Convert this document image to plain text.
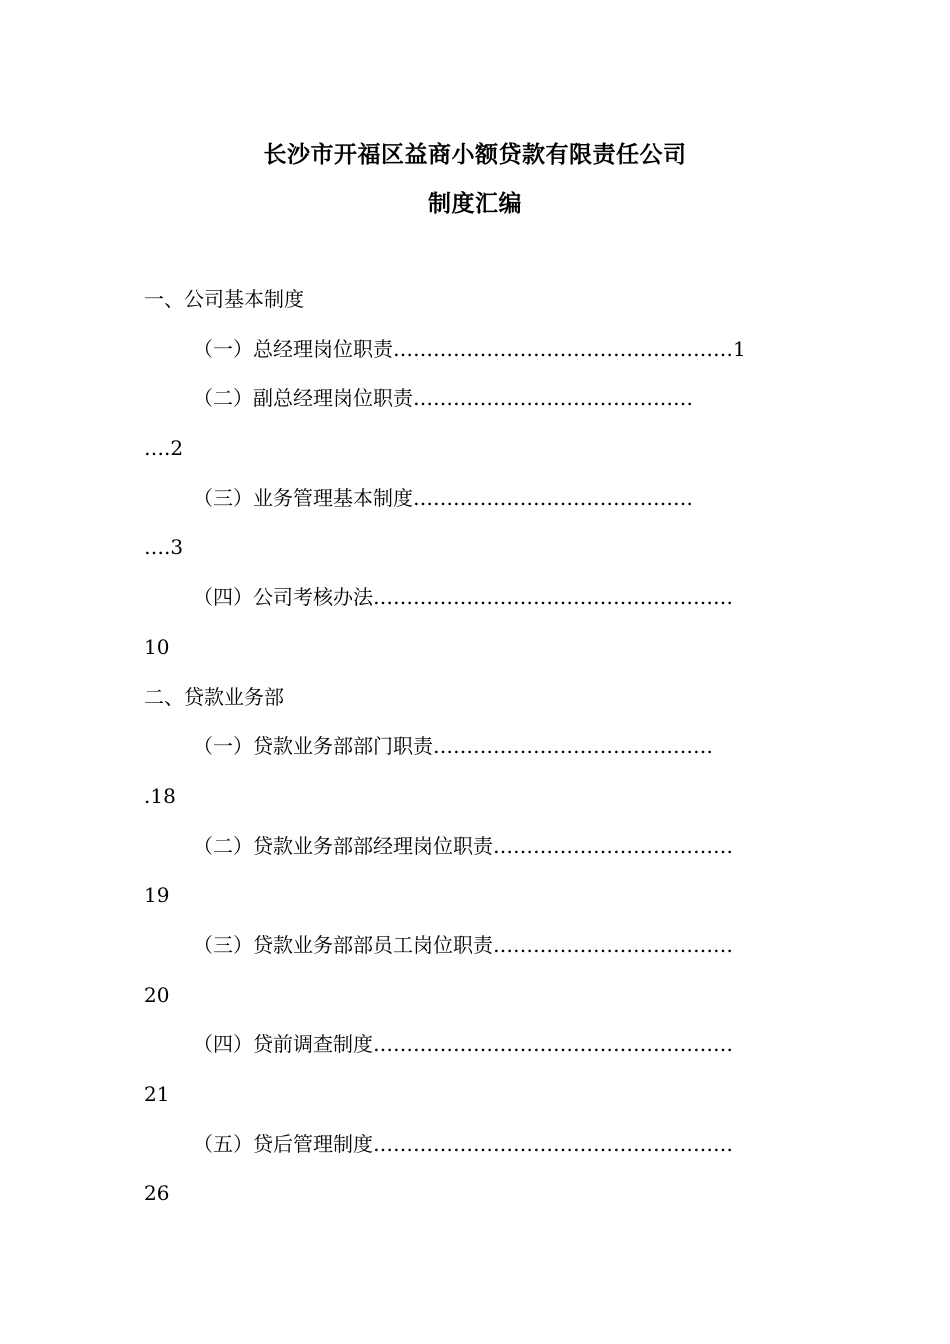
长沙市开福区益商小额贷款有限责任公司
制度汇编
一、公司基本制度
（一）总经理岗位职责……………………………………………1
（二）副总经理岗位职责……………………………………
….2
（三）业务管理基本制度……………………………………
….3
（四）公司考核办法………………………………………………
10
二、贷款业务部
（一）贷款业务部部门职责……………………………………
.18
（二）贷款业务部部经理岗位职责………………………………
19
（三）贷款业务部部员工岗位职责………………………………
20
（四）贷前调查制度………………………………………………
21
（五）贷后管理制度………………………………………………
26
